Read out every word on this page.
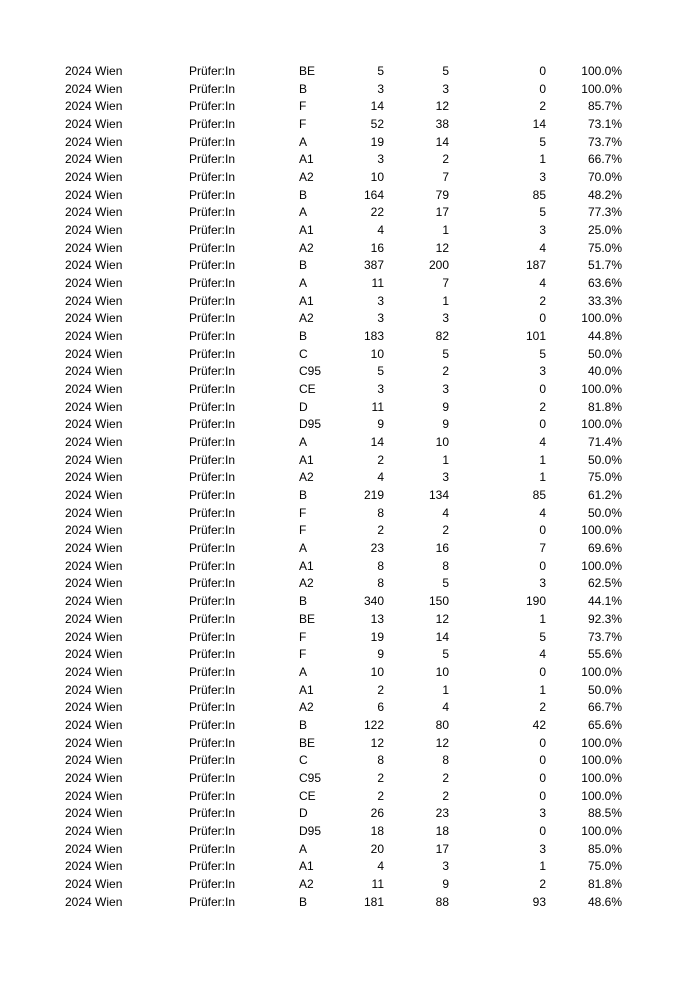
2024 Wien	Prüfer:In	BE	5	5	0	100.0%
2024 Wien	Prüfer:In	B	3	3	0	100.0%
2024 Wien	Prüfer:In	F	14	12	2	85.7%
2024 Wien	Prüfer:In	F	52	38	14	73.1%
2024 Wien	Prüfer:In	A	19	14	5	73.7%
2024 Wien	Prüfer:In	A1	3	2	1	66.7%
2024 Wien	Prüfer:In	A2	10	7	3	70.0%
2024 Wien	Prüfer:In	B	164	79	85	48.2%
2024 Wien	Prüfer:In	A	22	17	5	77.3%
2024 Wien	Prüfer:In	A1	4	1	3	25.0%
2024 Wien	Prüfer:In	A2	16	12	4	75.0%
2024 Wien	Prüfer:In	B	387	200	187	51.7%
2024 Wien	Prüfer:In	A	11	7	4	63.6%
2024 Wien	Prüfer:In	A1	3	1	2	33.3%
2024 Wien	Prüfer:In	A2	3	3	0	100.0%
2024 Wien	Prüfer:In	B	183	82	101	44.8%
2024 Wien	Prüfer:In	C	10	5	5	50.0%
2024 Wien	Prüfer:In	C95	5	2	3	40.0%
2024 Wien	Prüfer:In	CE	3	3	0	100.0%
2024 Wien	Prüfer:In	D	11	9	2	81.8%
2024 Wien	Prüfer:In	D95	9	9	0	100.0%
2024 Wien	Prüfer:In	A	14	10	4	71.4%
2024 Wien	Prüfer:In	A1	2	1	1	50.0%
2024 Wien	Prüfer:In	A2	4	3	1	75.0%
2024 Wien	Prüfer:In	B	219	134	85	61.2%
2024 Wien	Prüfer:In	F	8	4	4	50.0%
2024 Wien	Prüfer:In	F	2	2	0	100.0%
2024 Wien	Prüfer:In	A	23	16	7	69.6%
2024 Wien	Prüfer:In	A1	8	8	0	100.0%
2024 Wien	Prüfer:In	A2	8	5	3	62.5%
2024 Wien	Prüfer:In	B	340	150	190	44.1%
2024 Wien	Prüfer:In	BE	13	12	1	92.3%
2024 Wien	Prüfer:In	F	19	14	5	73.7%
2024 Wien	Prüfer:In	F	9	5	4	55.6%
2024 Wien	Prüfer:In	A	10	10	0	100.0%
2024 Wien	Prüfer:In	A1	2	1	1	50.0%
2024 Wien	Prüfer:In	A2	6	4	2	66.7%
2024 Wien	Prüfer:In	B	122	80	42	65.6%
2024 Wien	Prüfer:In	BE	12	12	0	100.0%
2024 Wien	Prüfer:In	C	8	8	0	100.0%
2024 Wien	Prüfer:In	C95	2	2	0	100.0%
2024 Wien	Prüfer:In	CE	2	2	0	100.0%
2024 Wien	Prüfer:In	D	26	23	3	88.5%
2024 Wien	Prüfer:In	D95	18	18	0	100.0%
2024 Wien	Prüfer:In	A	20	17	3	85.0%
2024 Wien	Prüfer:In	A1	4	3	1	75.0%
2024 Wien	Prüfer:In	A2	11	9	2	81.8%
2024 Wien	Prüfer:In	B	181	88	93	48.6%
